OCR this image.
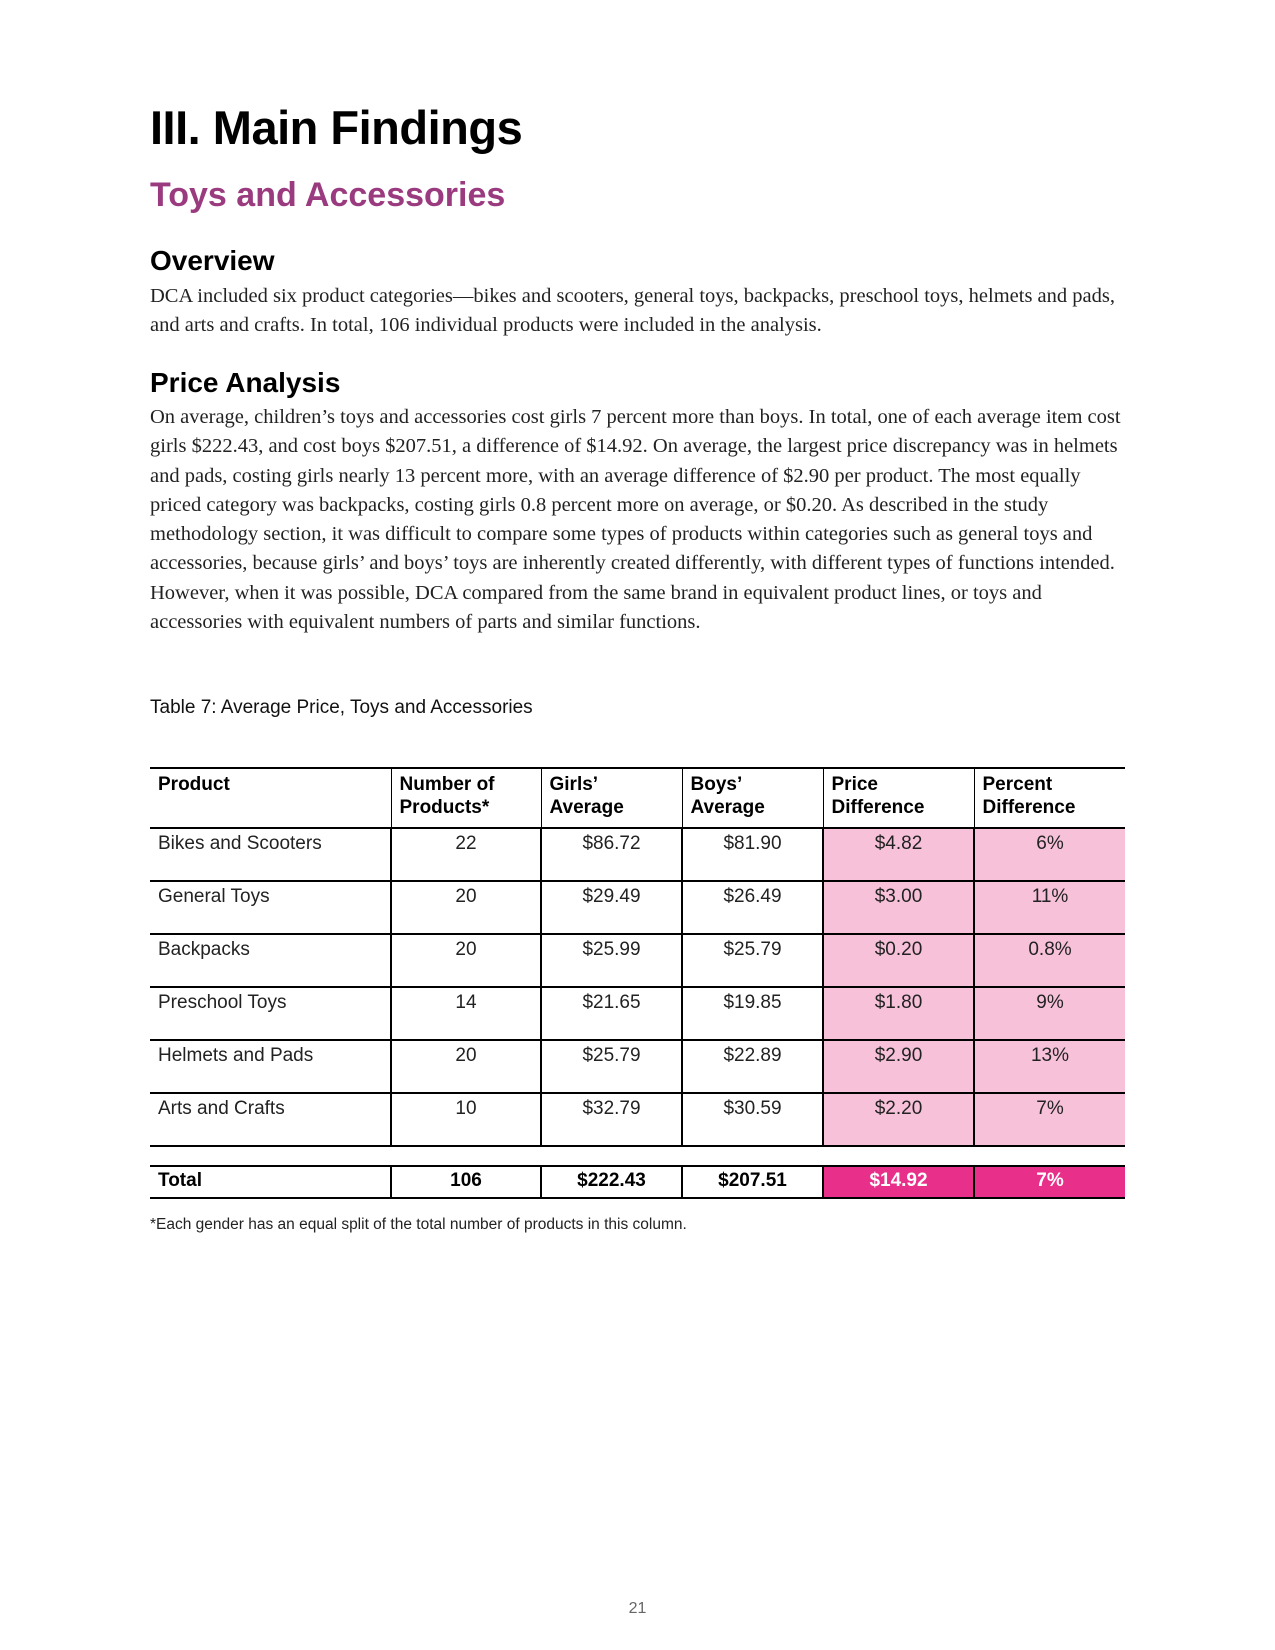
III. Main Findings
Toys and Accessories
Overview

DCA included six product categories—bikes and scooters, general toys, backpacks, preschool toys, helmets and pads, and arts and crafts. In total, 106 individual products were included in the analysis.

Price Analysis

On average, children’s toys and accessories cost girls 7 percent more than boys. In total, one of each average item cost girls $222.43, and cost boys $207.51, a difference of $14.92. On average, the largest price discrepancy was in helmets and pads, costing girls nearly 13 percent more, with an average difference of $2.90 per product. The most equally priced category was backpacks, costing girls 0.8 percent more on average, or $0.20. As described in the study methodology section, it was difficult to compare some types of products within categories such as general toys and accessories, because girls’ and boys’ toys are inherently created differently, with different types of functions intended. However, when it was possible, DCA compared from the same brand in equivalent product lines, or toys and accessories with equivalent numbers of parts and similar functions.

Table 7: Average Price, Toys and Accessories

Product	Number of Products*	Girls’ Average	Boys’ Average	Price Difference	Percent Difference
Bikes and Scooters	22	$86.72	$81.90	$4.82	6%
General Toys	20	$29.49	$26.49	$3.00	11%
Backpacks	20	$25.99	$25.79	$0.20	0.8%
Preschool Toys	14	$21.65	$19.85	$1.80	9%
Helmets and Pads	20	$25.79	$22.89	$2.90	13%
Arts and Crafts	10	$32.79	$30.59	$2.20	7%

Total	106	$222.43	$207.51	$14.92	7%

*Each gender has an equal split of the total number of products in this column.

21
